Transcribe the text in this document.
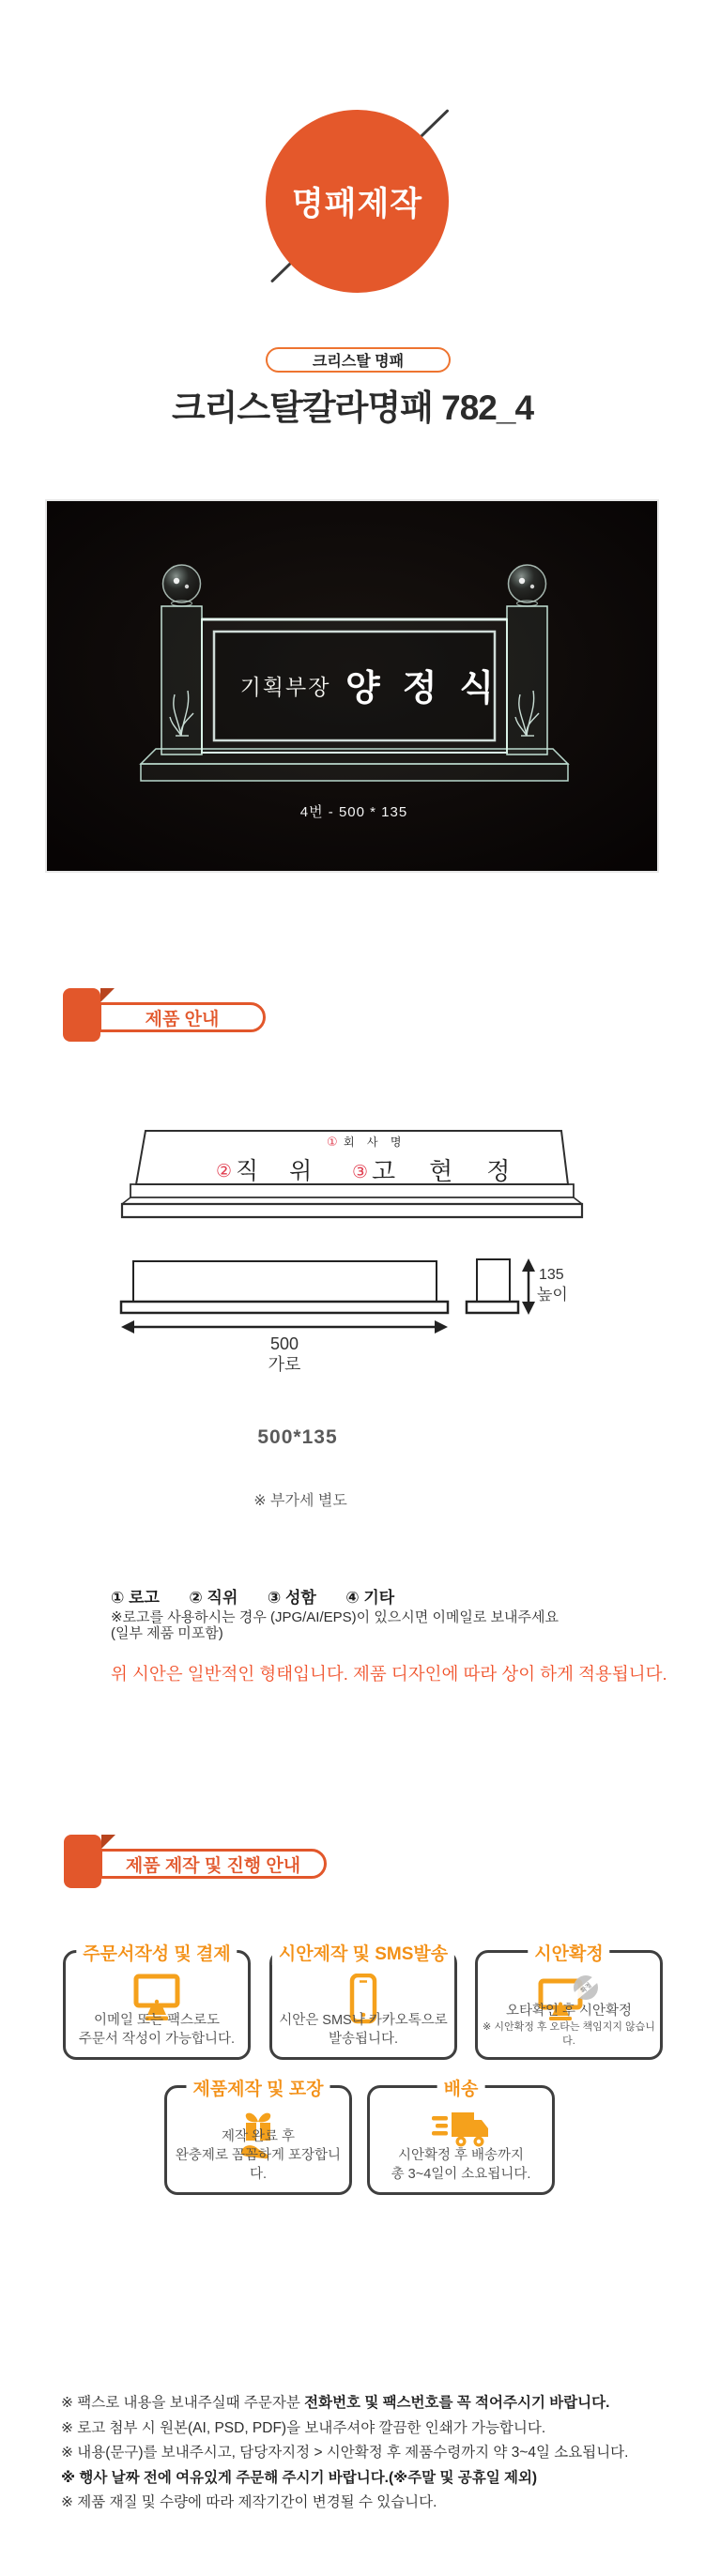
명패제작
크리스탈 명패
크리스탈칼라명패 782_4
기획부장 양정식
4번 - 500 * 135
제품 안내
① 회 사 명
② 직 위 ③ 고현정
500
가로
135
높이
500*135
※ 부가세 별도
① 로고 ② 직위 ③ 성함 ④ 기타
※로고를 사용하시는 경우 (JPG/AI/EPS)이 있으시면 이메일로 보내주세요
(일부 제품 미포함)
위 시안은 일반적인 형태입니다. 제품 디자인에 따라 상이 하게 적용됩니다.
제품 제작 및 진행 안내
주문서작성 및 결제
이메일 또는 팩스로도
주문서 작성이 가능합니다.
시안제작 및 SMS발송
시안은 SMS나 카카오톡으로
발송됩니다.
시안확정
확정
오타확인 후 시안확정
※ 시안확정 후 오타는 책임지지 않습니다.
제품제작 및 포장
제작 완료 후
완충제로 꼼꼼하게 포장합니다.
배송
시안확정 후 배송까지
총 3~4일이 소요됩니다.
※ 팩스로 내용을 보내주실때 주문자분 전화번호 및 팩스번호를 꼭 적어주시기 바랍니다.
※ 로고 첨부 시 원본(AI, PSD, PDF)을 보내주셔야 깔끔한 인쇄가 가능합니다.
※ 내용(문구)를 보내주시고, 담당자지정 > 시안확정 후 제품수령까지 약 3~4일 소요됩니다.
※ 행사 날짜 전에 여유있게 주문해 주시기 바랍니다.(※주말 및 공휴일 제외)
※ 제품 재질 및 수량에 따라 제작기간이 변경될 수 있습니다.
